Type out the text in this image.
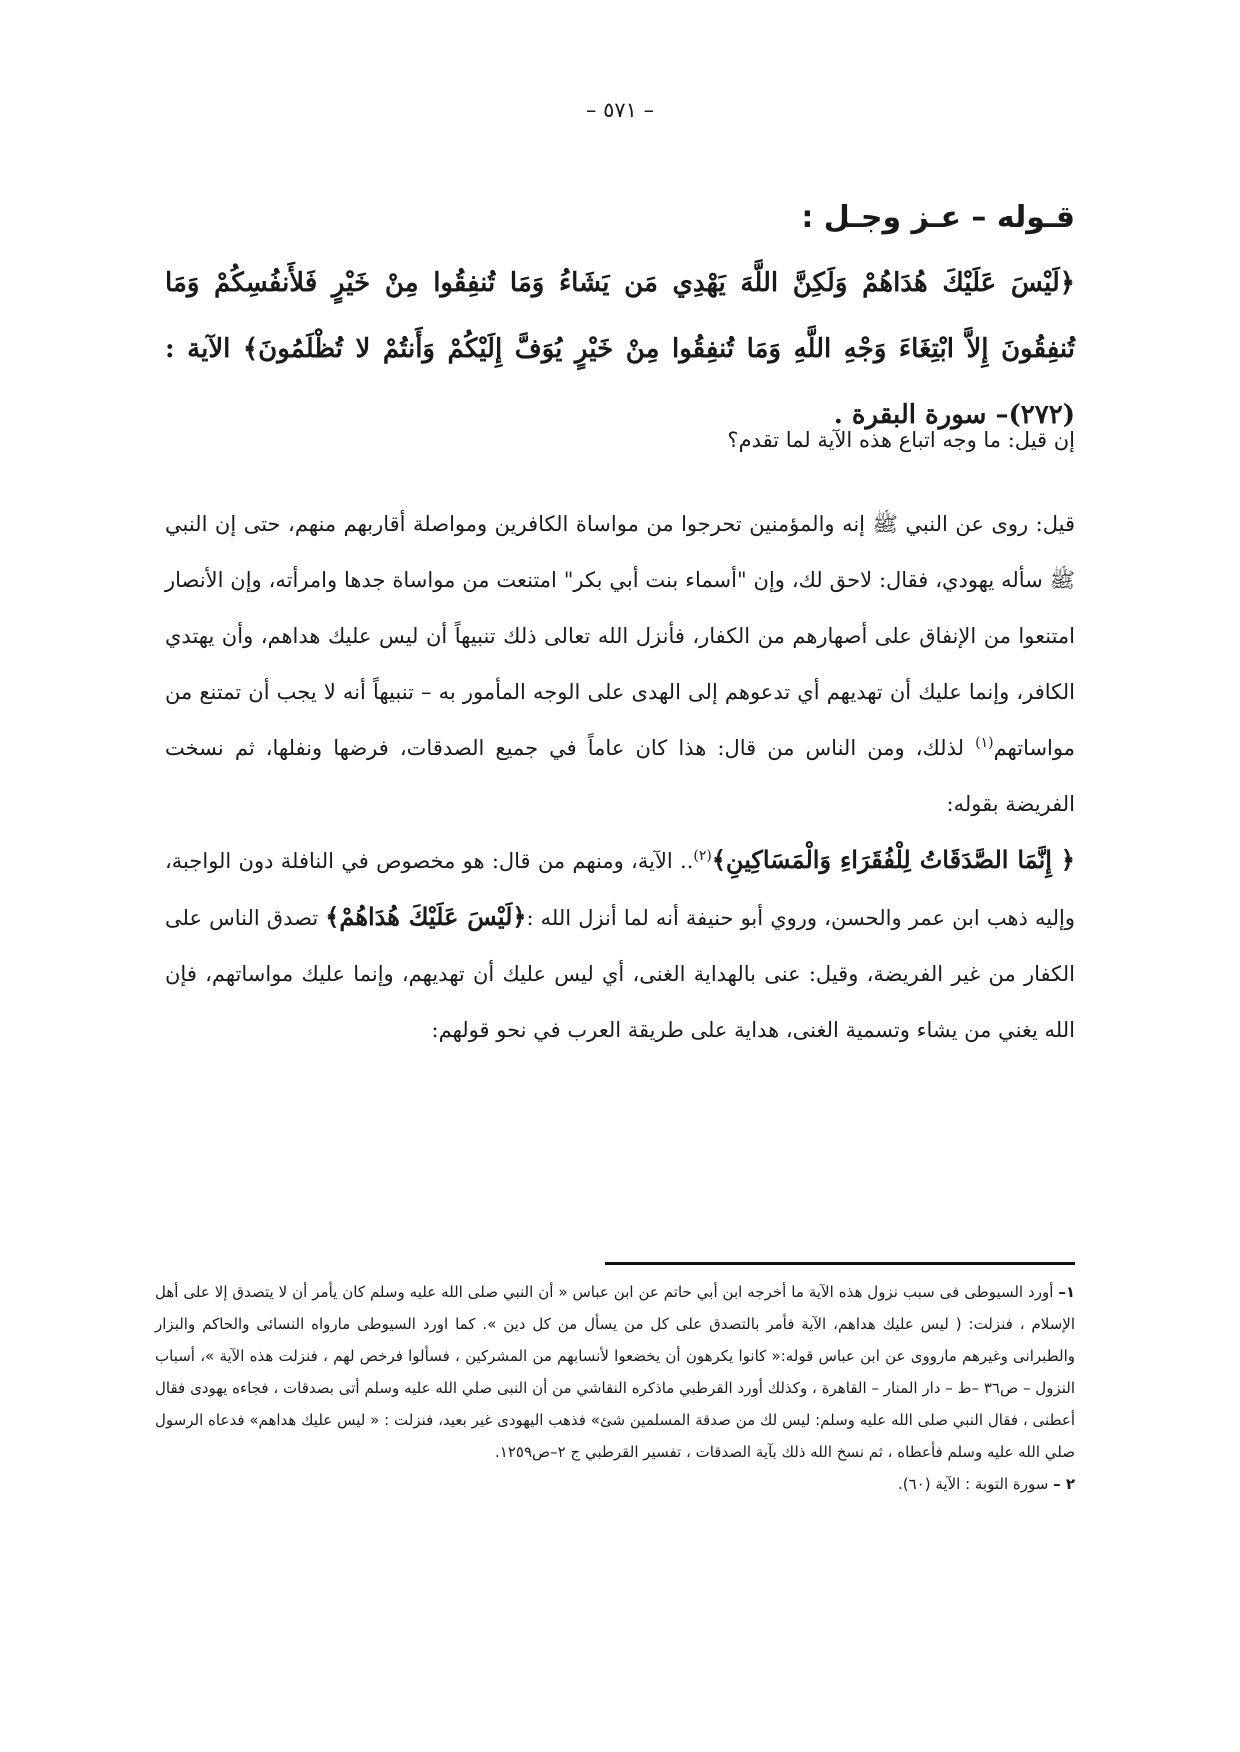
– ٥٧١ –
قـوله – عـز وجـل :
﴿لَيْسَ عَلَيْكَ هُدَاهُمْ وَلَكِنَّ اللَّهَ يَهْدِي مَن يَشَاءُ وَمَا تُنفِقُوا مِنْ خَيْرٍ فَلأَنفُسِكُمْ وَمَا تُنفِقُونَ إِلاَّ ابْتِغَاءَ وَجْهِ اللَّهِ وَمَا تُنفِقُوا مِنْ خَيْرٍ يُوَفَّ إِلَيْكُمْ وَأَنتُمْ لا تُظْلَمُونَ﴾ الآية :(٢٧٢)– سورة البقرة .
إن قيل: ما وجه اتباع هذه الآية لما تقدم؟
قيل: روى عن النبي ﷺ إنه والمؤمنين تحرجوا من مواساة الكافرين ومواصلة أقاربهم منهم، حتى إن النبي ﷺ سأله يهودي، فقال: لاحق لك، وإن "أسماء بنت أبي بكر" امتنعت من مواساة جدها وامرأته، وإن الأنصار امتنعوا من الإنفاق على أصهارهم من الكفار، فأنزل الله تعالى ذلك تنبيهاً أن ليس عليك هداهم، وأن يهتدي الكافر، وإنما عليك أن تهديهم أي تدعوهم إلى الهدى على الوجه المأمور به – تنبيهاً أنه لا يجب أن تمتنع من مواساتهم$^{(١)}$ لذلك، ومن الناس من قال: هذا كان عاماً في جميع الصدقات، فرضها ونفلها، ثم نسخت الفريضة بقوله:
﴿ إِنَّمَا الصَّدَقَاتُ لِلْفُقَرَاءِ وَالْمَسَاكِينِ﴾$^{(٢)}$.. الآية، ومنهم من قال: هو مخصوص في النافلة دون الواجبة، وإليه ذهب ابن عمر والحسن، وروي أبو حنيفة أنه لما أنزل الله :﴿لَيْسَ عَلَيْكَ هُدَاهُمْ﴾ تصدق الناس على الكفار من غير الفريضة، وقيل: عنى بالهداية الغنى، أي ليس عليك أن تهديهم، وإنما عليك مواساتهم، فإن الله يغني من يشاء وتسمية الغنى، هداية على طريقة العرب في نحو قولهم:

١– أورد السيوطى فى سبب نزول هذه الآية ما أخرجه ابن أبي حاتم عن ابن عباس « أن النبي صلى الله عليه وسلم كان يأمر أن لا يتصدق إلا على أهل الإسلام ، فنزلت: ( ليس عليك هداهم، الآية فأمر بالتصدق على كل من يسأل من كل دين ». كما اورد السيوطى مارواه النسائى والحاكم والبزار والطبرانى وغيرهم مارووى عن ابن عباس قوله:« كانوا يكرهون أن يخضعوا لأنسابهم من المشركين ، فسألوا فرخص لهم ، فنزلت هذه الآية »، أسباب النزول – ص٣٦ –ط – دار المنار – القاهرة ، وكذلك أورد القرطبي ماذكره النقاشي من أن النبى صلي الله عليه وسلم أتى بصدقات ، فجاءه يهودى فقال أعطنى ، فقال النبي صلى الله عليه وسلم: ليس لك من صدقة المسلمين شئ» فذهب اليهودى غير بعيد، فنزلت : « ليس عليك هداهم» فدعاه الرسول صلي الله عليه وسلم فأعطاه ، ثم نسخ الله ذلك بآية الصدقات ، تفسير القرطبي ج ٢–ص١٢٥٩.

٢ – سورة التوبة : الآية (٦٠).
